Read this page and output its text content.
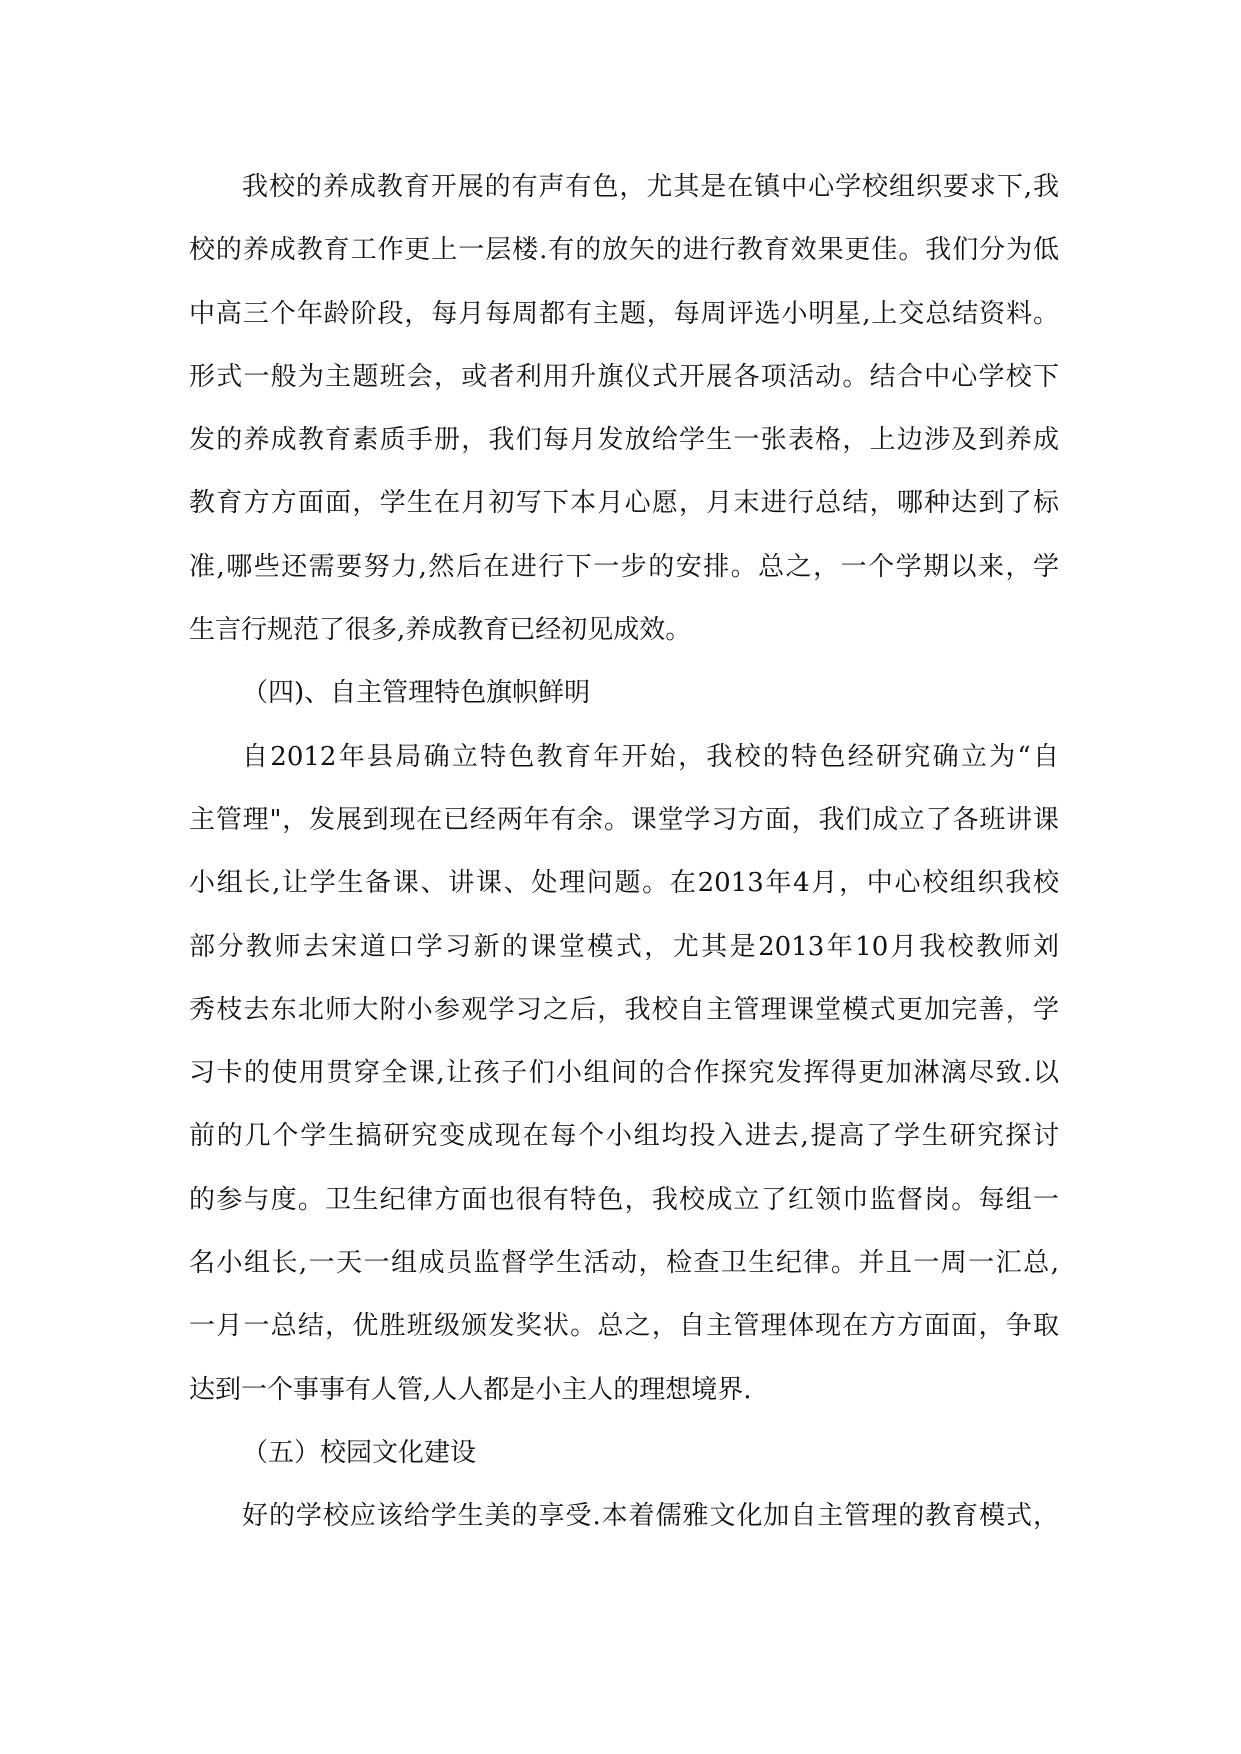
我校的养成教育开展的有声有色，尤其是在镇中心学校组织要求下,我
校的养成教育工作更上一层楼.有的放矢的进行教育效果更佳。我们分为低
中高三个年龄阶段，每月每周都有主题，每周评选小明星,上交总结资料。
形式一般为主题班会，或者利用升旗仪式开展各项活动。结合中心学校下
发的养成教育素质手册，我们每月发放给学生一张表格，上边涉及到养成
教育方方面面，学生在月初写下本月心愿，月末进行总结，哪种达到了标
准,哪些还需要努力,然后在进行下一步的安排。总之，一个学期以来，学
生言行规范了很多,养成教育已经初见成效。
（四)、自主管理特色旗帜鲜明
自2012年县局确立特色教育年开始，我校的特色经研究确立为“自
主管理"，发展到现在已经两年有余。课堂学习方面，我们成立了各班讲课
小组长,让学生备课、讲课、处理问题。在2013年4月，中心校组织我校
部分教师去宋道口学习新的课堂模式，尤其是2013年10月我校教师刘
秀枝去东北师大附小参观学习之后，我校自主管理课堂模式更加完善，学
习卡的使用贯穿全课,让孩子们小组间的合作探究发挥得更加淋漓尽致.以
前的几个学生搞研究变成现在每个小组均投入进去,提高了学生研究探讨
的参与度。卫生纪律方面也很有特色，我校成立了红领巾监督岗。每组一
名小组长,一天一组成员监督学生活动，检查卫生纪律。并且一周一汇总,
一月一总结，优胜班级颁发奖状。总之，自主管理体现在方方面面，争取
达到一个事事有人管,人人都是小主人的理想境界.
（五）校园文化建设
好的学校应该给学生美的享受.本着儒雅文化加自主管理的教育模式，
